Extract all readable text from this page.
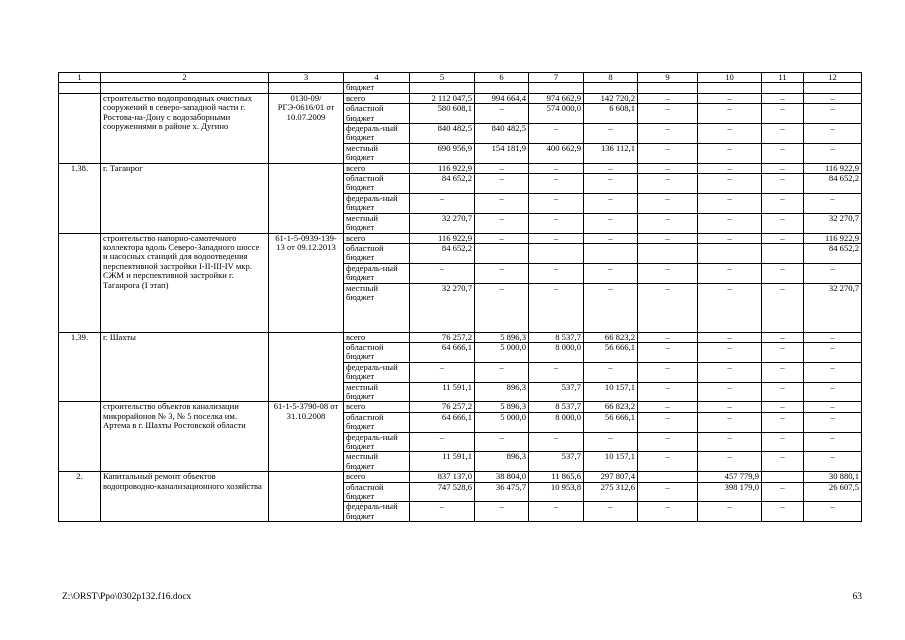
1	2	3	4	5	6	7	8	9	10	11	12
			бюджет								
	строительство водопроводных очистных сооружений в северо-западной части г. Ростова-на-Дону с водозаборными сооружениями в районе х. Дугино	0130-09/РГЭ-0616/01 от 10.07.2009	всего	2 112 047,5	994 664,4	974 662,9	142 720,2	–	–	–	–
			областной бюджет	580 608,1	–	574 000,0	6 608,1	–	–	–	–
			федераль-ный бюджет	840 482,5	840 482,5	–	–	–	–	–	–
			местный бюджет	690 956,9	154 181,9	400 662,9	136 112,1	–	–	–	–
1.38.	г. Таганрог		всего	116 922,9	–	–	–	–	–	–	116 922,9
			областной бюджет	84 652,2	–	–	–	–	–	–	84 652,2
			федераль-ный бюджет	–	–	–	–	–	–	–	–
			местный бюджет	32 270,7	–	–	–	–	–	–	32 270,7
	строительство напорно-самотечного коллектора вдоль Северо-Западного шоссе и насосных станций для водоотведения перспективной застройки I-II-III-IV мкр. СЖМ и перспективной застройки г. Таганрога (I этап)	61-1-5-0939-139-13 от 09.12.2013	всего	116 922,9	–	–	–	–	–	–	116 922,9
			областной бюджет	84 652,2							84 652,2
			федераль-ный бюджет	–	–	–	–	–	–	–	–
			местный бюджет	32 270,7	–	–	–	–	–	–	32 270,7
1.39.	г. Шахты		всего	76 257,2	5 896,3	8 537,7	66 823,2	–	–	–	–
			областной бюджет	64 666,1	5 000,0	8 000,0	56 666,1	–	–	–	–
			федераль-ный бюджет	–	–	–	–	–	–	–	–
			местный бюджет	11 591,1	896,3	537,7	10 157,1	–	–	–	–
	строительство объектов канализации микрорайонов № 3, № 5 поселка им. Артема в г. Шахты Ростовской области	61-1-5-3790-08 от 31.10.2008	всего	76 257,2	5 896,3	8 537,7	66 823,2	–	–	–	–
			областной бюджет	64 666,1	5 000,0	8 000,0	56 666,1	–	–	–	–
			федераль-ный бюджет	–	–	–	–	–	–	–	–
			местный бюджет	11 591,1	896,3	537,7	10 157,1	–	–	–	–
2.	Капитальный ремонт объектов водопроводно-канализационного хозяйства		всего	837 137,0	38 804,0	11 865,6	297 807,4		457 779,9		30 880,1
			областной бюджет	747 528,6	36 475,7	10 953,8	275 312,6	–	398 179,0	–	26 607,5
			федераль-ный бюджет	–	–	–	–	–	–	–	–
Z:\ORST\Ppo\0302p132.f16.docx	63
